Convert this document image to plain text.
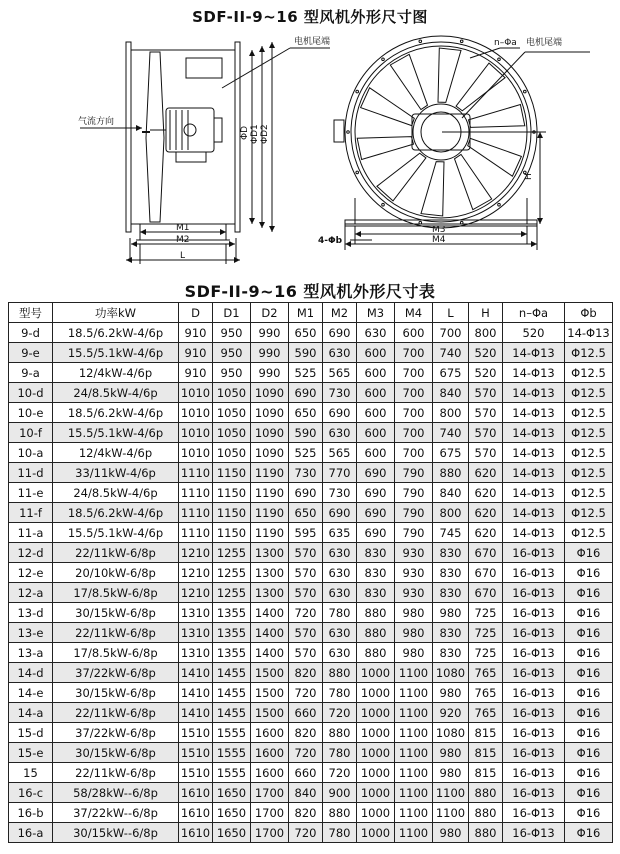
SDF-II-9~16 型风机外形尺寸图
电机尾端
气流方向
ΦD ΦD1 ΦD2
M1
M2
L
n–Φa 电机尾端
H
M3
M4
4-Φb
SDF-II-9~16 型风机外形尺寸表
型号	功率kW	D	D1	D2	M1	M2	M3	M4	L	H	n–Φa	Φb	
9-d	18.5/6.2kW-4/6p	910	950	990	650	690	630	600	700	800	520	14-Φ13	
9-e	15.5/5.1kW-4/6p	910	950	990	590	630	600	700	740	520	14-Φ13	Φ12.5	
9-a	12/4kW-4/6p	910	950	990	525	565	600	700	675	520	14-Φ13	Φ12.5	
10-d	24/8.5kW-4/6p	1010	1050	1090	690	730	600	700	840	570	14-Φ13	Φ12.5	
10-e	18.5/6.2kW-4/6p	1010	1050	1090	650	690	600	700	800	570	14-Φ13	Φ12.5	
10-f	15.5/5.1kW-4/6p	1010	1050	1090	590	630	600	700	740	570	14-Φ13	Φ12.5	
10-a	12/4kW-4/6p	1010	1050	1090	525	565	600	700	675	570	14-Φ13	Φ12.5	
11-d	33/11kW-4/6p	1110	1150	1190	730	770	690	790	880	620	14-Φ13	Φ12.5	
11-e	24/8.5kW-4/6p	1110	1150	1190	690	730	690	790	840	620	14-Φ13	Φ12.5	
11-f	18.5/6.2kW-4/6p	1110	1150	1190	650	690	690	790	800	620	14-Φ13	Φ12.5	
11-a	15.5/5.1kW-4/6p	1110	1150	1190	595	635	690	790	745	620	14-Φ13	Φ12.5	
12-d	22/11kW-6/8p	1210	1255	1300	570	630	830	930	830	670	16-Φ13	Φ16	
12-e	20/10kW-6/8p	1210	1255	1300	570	630	830	930	830	670	16-Φ13	Φ16	
12-a	17/8.5kW-6/8p	1210	1255	1300	570	630	830	930	830	670	16-Φ13	Φ16	
13-d	30/15kW-6/8p	1310	1355	1400	720	780	880	980	980	725	16-Φ13	Φ16	
13-e	22/11kW-6/8p	1310	1355	1400	570	630	880	980	830	725	16-Φ13	Φ16	
13-a	17/8.5kW-6/8p	1310	1355	1400	570	630	880	980	830	725	16-Φ13	Φ16	
14-d	37/22kW-6/8p	1410	1455	1500	820	880	1000	1100	1080	765	16-Φ13	Φ16	
14-e	30/15kW-6/8p	1410	1455	1500	720	780	1000	1100	980	765	16-Φ13	Φ16	
14-a	22/11kW-6/8p	1410	1455	1500	660	720	1000	1100	920	765	16-Φ13	Φ16	
15-d	37/22kW-6/8p	1510	1555	1600	820	880	1000	1100	1080	815	16-Φ13	Φ16	
15-e	30/15kW-6/8p	1510	1555	1600	720	780	1000	1100	980	815	16-Φ13	Φ16	
15	22/11kW-6/8p	1510	1555	1600	660	720	1000	1100	980	815	16-Φ13	Φ16	
16-c	58/28kW--6/8p	1610	1650	1700	840	900	1000	1100	1100	880	16-Φ13	Φ16	
16-b	37/22kW--6/8p	1610	1650	1700	820	880	1000	1100	1100	880	16-Φ13	Φ16	
16-a	30/15kW--6/8p	1610	1650	1700	720	780	1000	1100	980	880	16-Φ13	Φ16	
